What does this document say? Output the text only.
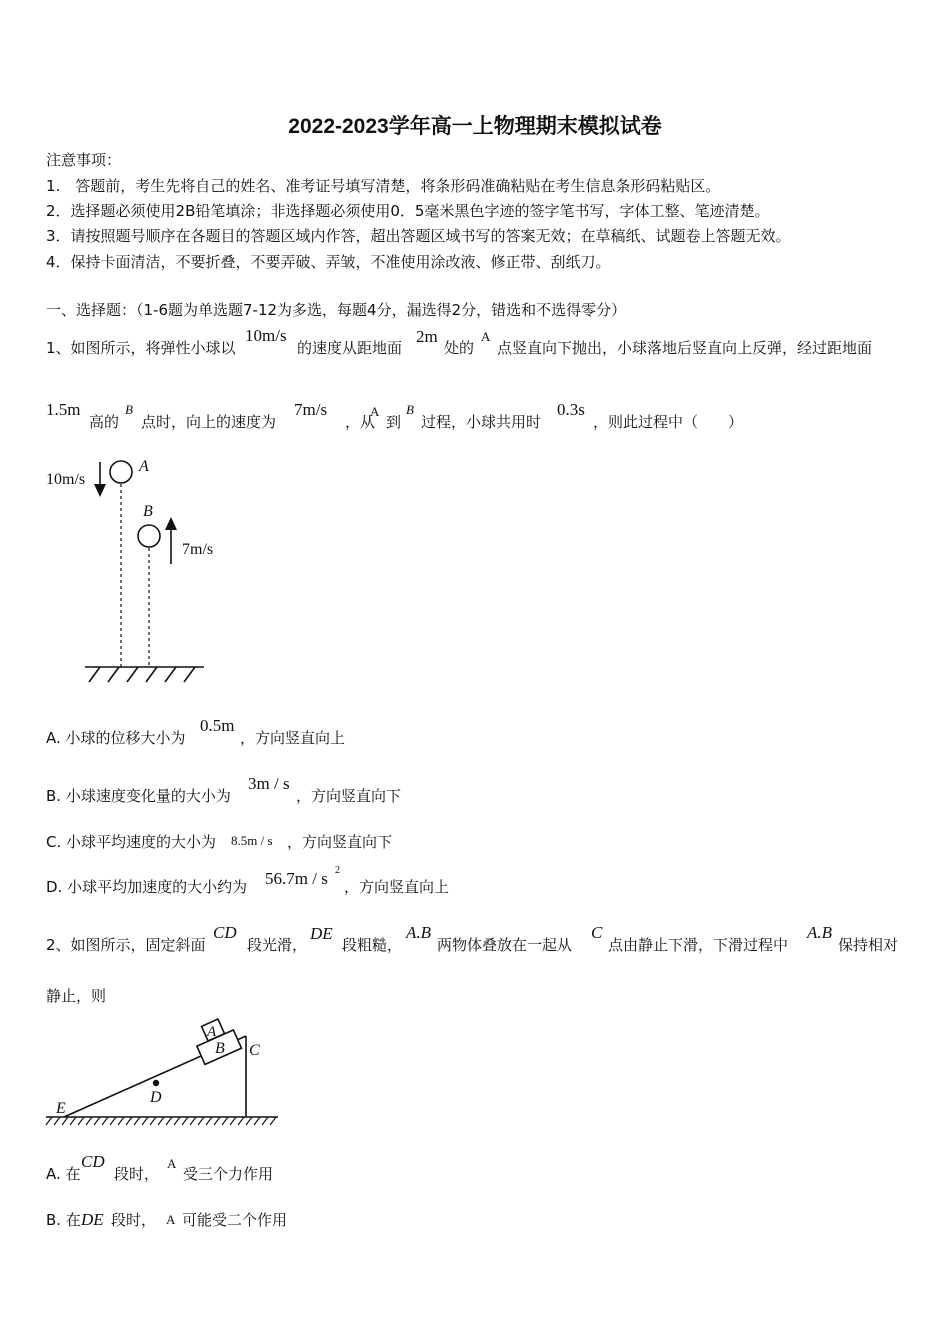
2022-2023学年高一上物理期末模拟试卷
注意事项：
1.　答题前，考生先将自己的姓名、准考证号填写清楚，将条形码准确粘贴在考生信息条形码粘贴区。
2．选择题必须使用2B铅笔填涂；非选择题必须使用0．5毫米黑色字迹的签字笔书写，字体工整、笔迹清楚。
3．请按照题号顺序在各题目的答题区域内作答，超出答题区域书写的答案无效；在草稿纸、试题卷上答题无效。
4．保持卡面清洁，不要折叠，不要弄破、弄皱，不准使用涂改液、修正带、刮纸刀。
一、选择题：（1-6题为单选题7-12为多选，每题4分，漏选得2分，错选和不选得零分）
1、如图所示，将弹性小球以
10m/s
的速度从距地面
2m
处的
A
点竖直向下抛出，小球落地后竖直向上反弹，经过距地面
1.5m
高的
B
点时，向上的速度为
7m/s
，从
A
到
B
过程，小球共用时
0.3s
，则此过程中（　　）
10m/s
A
B
7m/s
A. 小球的位移大小为
0.5m
，方向竖直向上
B. 小球速度变化量的大小为
3m / s
，方向竖直向下
C. 小球平均速度的大小为 8.5m / s ，方向竖直向下
D. 小球平均加速度的大小约为 56.7m / s 2
，方向竖直向上
2、如图所示，固定斜面
CD
段光滑，
DE
段粗糙，
A.B
两物体叠放在一起从
C
点由静止下滑，下滑过程中
A.B
保持相对
静止，则
A
B C
D
E
A. 在
CD
段时，
A
受三个力作用
B. 在 DE 段时， A 可能受二个作用
